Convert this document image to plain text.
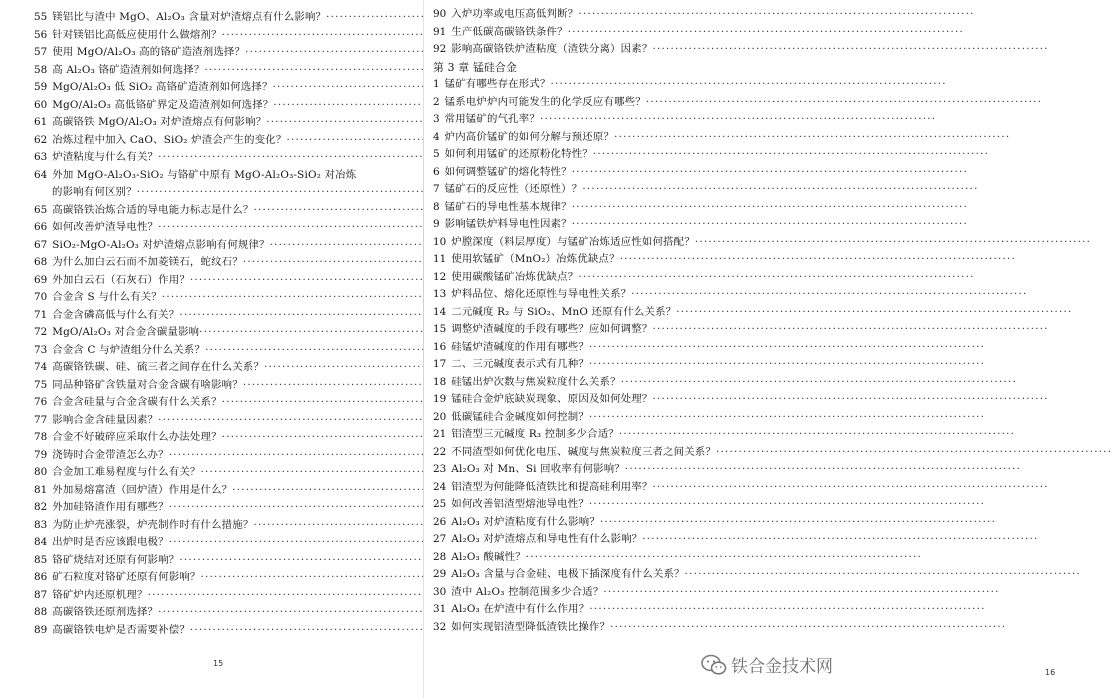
55 镁铝比与渣中 MgO、Al₂O₃ 含量对炉渣熔点有什么影响？
·····
56 针对镁铝比高低应使用什么做熔剂？
·····
57 使用 MgO/Al₂O₃ 高的铬矿造渣剂选择？
·····
58 高 Al₂O₃ 铬矿造渣剂如何选择？
·····
59 MgO/Al₂O₃ 低 SiO₂ 高铬矿造渣剂如何选择？
·····
60 MgO/Al₂O₃ 高低铬矿界定及造渣剂如何选择？
·····
61 高碳铬铁 MgO/Al₂O₃ 对炉渣熔点有何影响？
·····
62 冶炼过程中加入 CaO、SiO₂ 炉渣会产生的变化？
·····
63 炉渣粘度与什么有关？
·····
64 外加 MgO-Al₂O₃-SiO₂ 与铬矿中原有 MgO-Al₂O₃-SiO₂ 对冶炼
的影响有何区别？
·····
65 高碳铬铁冶炼合适的导电能力标志是什么？
·····
66 如何改善炉渣导电性？
·····
67 SiO₂-MgO-Al₂O₃ 对炉渣熔点影响有何规律？
·····
68 为什么加白云石而不加菱镁石，蛇纹石？
·····
69 外加白云石（石灰石）作用？
·····
70 合金含 S 与什么有关？
·····
71 合金含磷高低与什么有关？
·····
72 MgO/Al₂O₃ 对合金含碳量影响
·····
73 合金含 C 与炉渣组分什么关系？
·····
74 高碳铬铁碳、硅、硫三者之间存在什么关系？
·····
75 同品种铬矿含铁量对合金含碳有啥影响？
·····
76 合金含硅量与合金含碳有什么关系？
·····
77 影响合金含硅量因素？
·····
78 合金不好破碎应采取什么办法处理？
·····
79 浇铸时合金带渣怎么办？
·····
80 合金加工难易程度与什么有关？
·····
81 外加易熔富渣（回炉渣）作用是什么？
·····
82 外加硅铬渣作用有哪些？
·····
83 为防止炉壳涨裂，炉壳制作时有什么措施？
·····
84 出炉时是否应该跟电极？
·····
85 铬矿烧结对还原有何影响？
·····
86 矿石粒度对铬矿还原有何影响？
·····
87 铬矿炉内还原机理？
·····
88 高碳铬铁还原剂选择？
·····
89 高碳铬铁电炉是否需要补偿？
·····
15
90 入炉功率或电压高低判断？
·····
91 生产低碳高碳铬铁条件？
·····
92 影响高碳铬铁炉渣粘度（渣铁分离）因素？
·····
第 3 章 锰硅合金
1 锰矿有哪些存在形式？
·····
2 锰系电炉炉内可能发生的化学反应有哪些？
·····
3 常用锰矿的气孔率？
·····
4 炉内高价锰矿的如何分解与预还原？
·····
5 如何利用锰矿的还原粉化特性？
·····
6 如何调整锰矿的熔化特性？
·····
7 锰矿石的反应性（还原性）？
·····
8 锰矿石的导电性基本规律？
·····
9 影响锰铁炉料导电性因素？
·····
10 炉膛深度（料层厚度）与锰矿冶炼适应性如何搭配？
·····
11 使用软锰矿（MnO₂）冶炼优缺点？
·····
12 使用碳酸锰矿冶炼优缺点？
·····
13 炉料品位、熔化还原性与导电性关系？
·····
14 二元碱度 R₂ 与 SiO₂、MnO 还原有什么关系？
·····
15 调整炉渣碱度的手段有哪些？应如何调整？
·····
16 硅锰炉渣碱度的作用有哪些？
·····
17 二、三元碱度表示式有几种？
·····
18 硅锰出炉次数与焦炭粒度什么关系？
·····
19 锰硅合金炉底缺炭现象、原因及如何处理？
·····
20 低碳锰硅合金碱度如何控制？
·····
21 铝渣型三元碱度 R₃ 控制多少合适？
·····
22 不同渣型如何优化电压、碱度与焦炭粒度三者之间关系？
·····
23 Al₂O₃ 对 Mn、Si 回收率有何影响？
·····
24 铝渣型为何能降低渣铁比和提高硅利用率？
·····
25 如何改善铝渣型熔池导电性？
·····
26 Al₂O₃ 对炉渣粘度有什么影响？
·····
27 Al₂O₃ 对炉渣熔点和导电性有什么影响？
·····
28 Al₂O₃ 酸碱性？
·····
29 Al₂O₃ 含量与合金硅、电极下插深度有什么关系？
·····
30 渣中 Al₂O₃ 控制范围多少合适？
·····
31 Al₂O₃ 在炉渣中有什么作用？
·····
32 如何实现铝渣型降低渣铁比操作？
·····
16
铁合金技术网
